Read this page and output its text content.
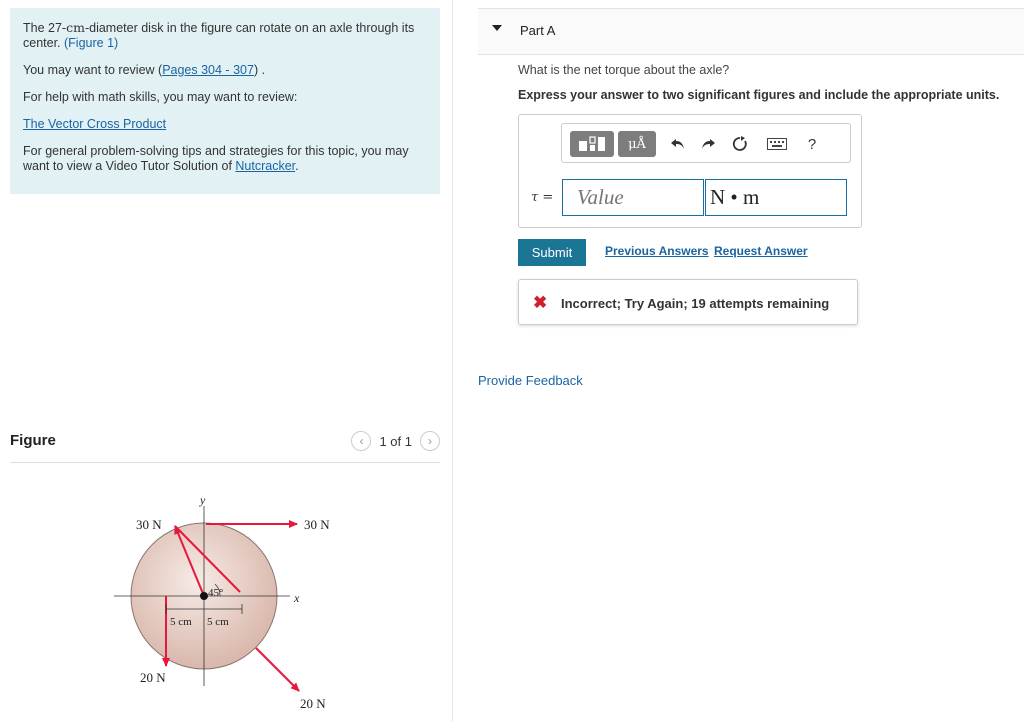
The 27-cm-diameter disk in the figure can rotate on an axle through its center. (Figure 1)

You may want to review (Pages 304 - 307) .

For help with math skills, you may want to review:

The Vector Cross Product

For general problem-solving tips and strategies for this topic, you may want to view a Video Tutor Solution of Nutcracker.

Figure	‹	1 of 1	›
y
x
45°
5 cm 5 cm
30 N	30 N
20 N
20 N
Part A
What is the net torque about the axle?
Express your answer to two significant figures and include the appropriate units.
μÅ	?
τ =
Value
N • m
Submit	Previous Answers Request Answer
✖ Incorrect; Try Again; 19 attempts remaining
Provide Feedback
